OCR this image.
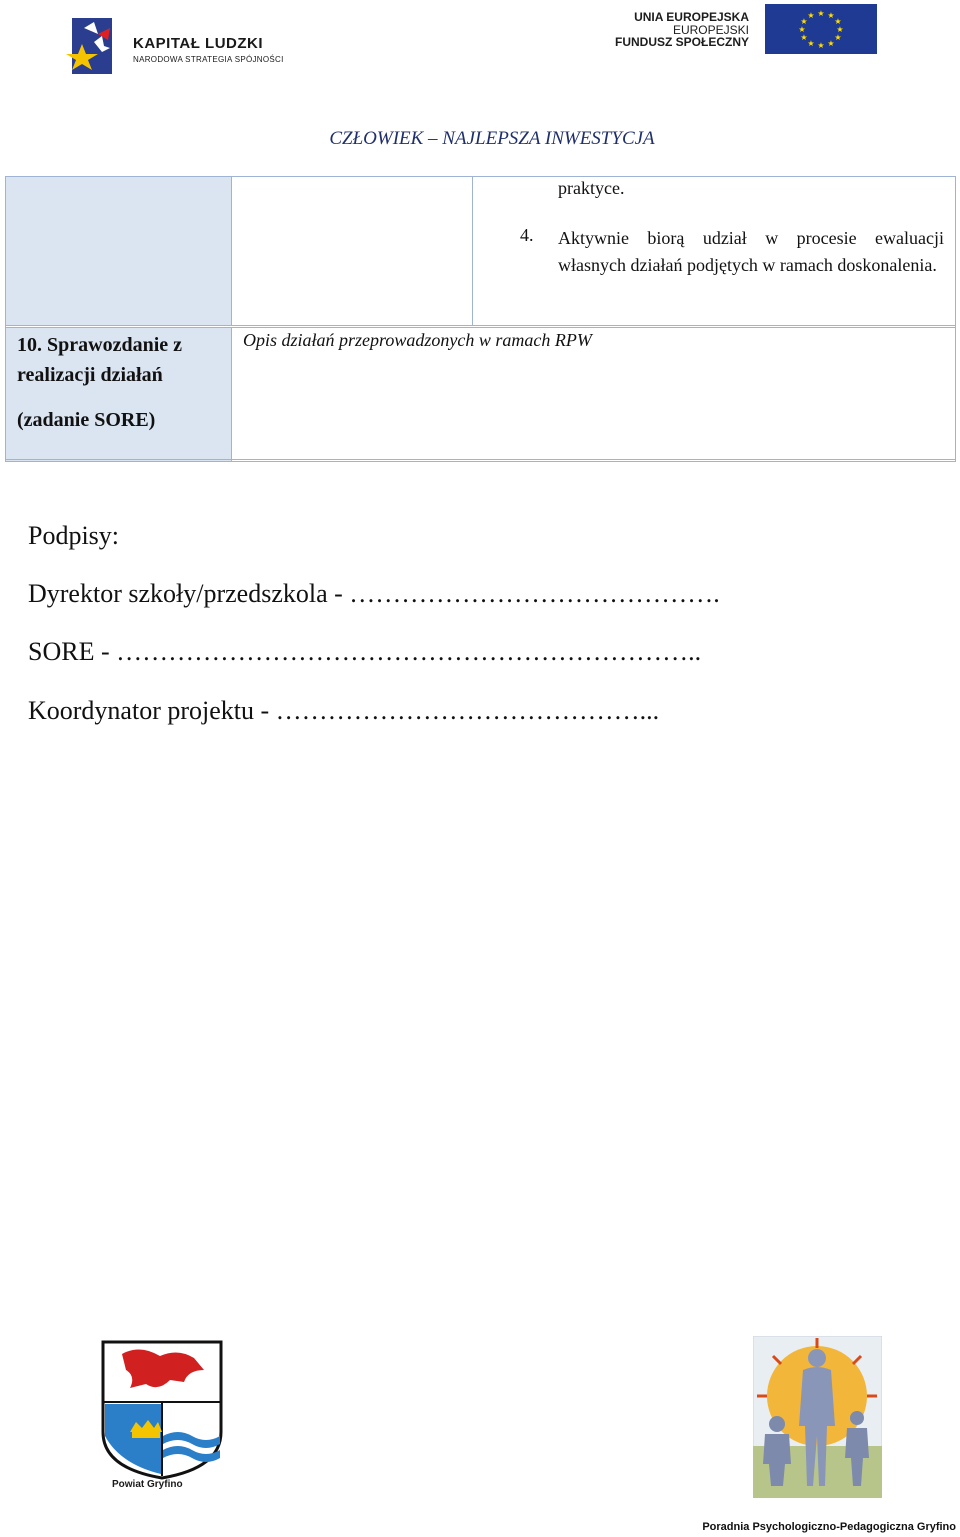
KAPITAŁ LUDZKI
NARODOWA STRATEGIA SPÓJNOŚCI
UNIA EUROPEJSKA
EUROPEJSKI
FUNDUSZ SPOŁECZNY
★ ★
★
★
★
★
★
★
★
★
★
★
CZŁOWIEK – NAJLEPSZA INWESTYCJA
praktyce.
4. Aktywnie biorą udział w procesie ewaluacji własnych działań podjętych w ramach doskonalenia.
10. Sprawozdanie z realizacji działań
(zadanie SORE)
Opis działań przeprowadzonych w ramach RPW
Podpisy:
Dyrektor szkoły/przedszkola - …………………………………….
SORE - …………………………………………………………..
Koordynator projektu - ……………………………………...
Powiat Gryfino
Poradnia Psychologiczno-Pedagogiczna Gryfino
